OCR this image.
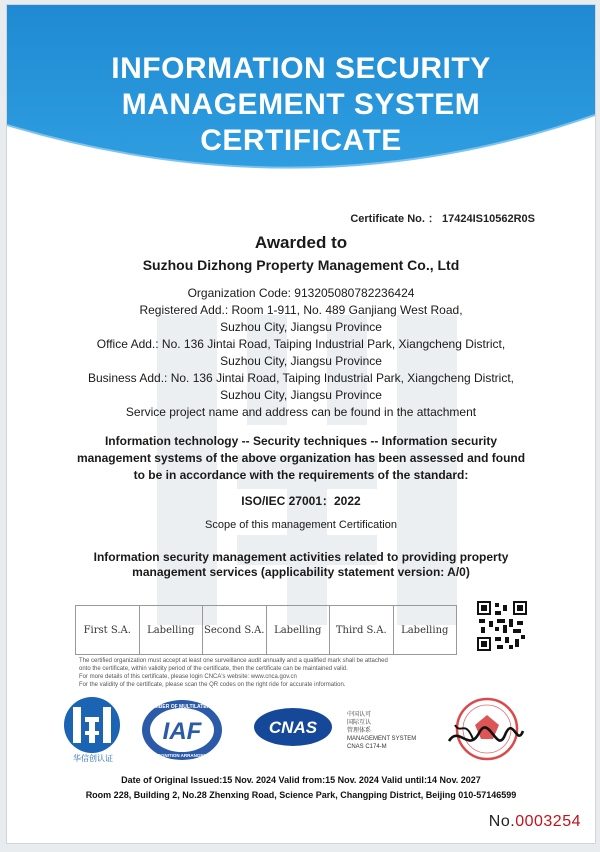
INFORMATION SECURITY
MANAGEMENT SYSTEM
CERTIFICATE
Certificate No. ： 17424IS10562R0S
Awarded to
Suzhou Dizhong Property Management Co., Ltd
Organization Code: 913205080782236424
Registered Add.: Room 1-911, No. 489 Ganjiang West Road,
Suzhou City, Jiangsu Province
Office Add.: No. 136 Jintai Road, Taiping Industrial Park, Xiangcheng District,
Suzhou City, Jiangsu Province
Business Add.: No. 136 Jintai Road, Taiping Industrial Park, Xiangcheng District,
Suzhou City, Jiangsu Province
Service project name and address can be found in the attachment
Information technology -- Security techniques -- Information security
management systems of the above organization has been assessed and found
to be in accordance with the requirements of the standard:
ISO/IEC 27001：2022
Scope of this management Certification
Information security management activities related to providing property
management services (applicability statement version: A/0)
First S.A.	Labelling Second S.A. Labelling	Third S.A.	Labelling
The certified organization must accept at least one surveillance audit annually and a qualified mark shall be attached
onto the certificate, within validity period of the certificate, then the certificate can be maintained valid.
For more details of this certificate, please login CNCA's website: www.cnca.gov.cn
For the validity of the certificate, please scan the QR codes on the right ride for accurate information.
华信创认证
MEMBER OF MULTILATERAL
IAF
RECOGNITION ARRANGEMENT
CNAS
中国认可
国际互认
管理体系
MANAGEMENT SYSTEM
CNAS C174-M
Date of Original Issued:15 Nov. 2024 Valid from:15 Nov. 2024 Valid until:14 Nov. 2027
Room 228, Building 2, No.28 Zhenxing Road, Science Park, Changping District, Beijing 010-57146599
No.0003254
